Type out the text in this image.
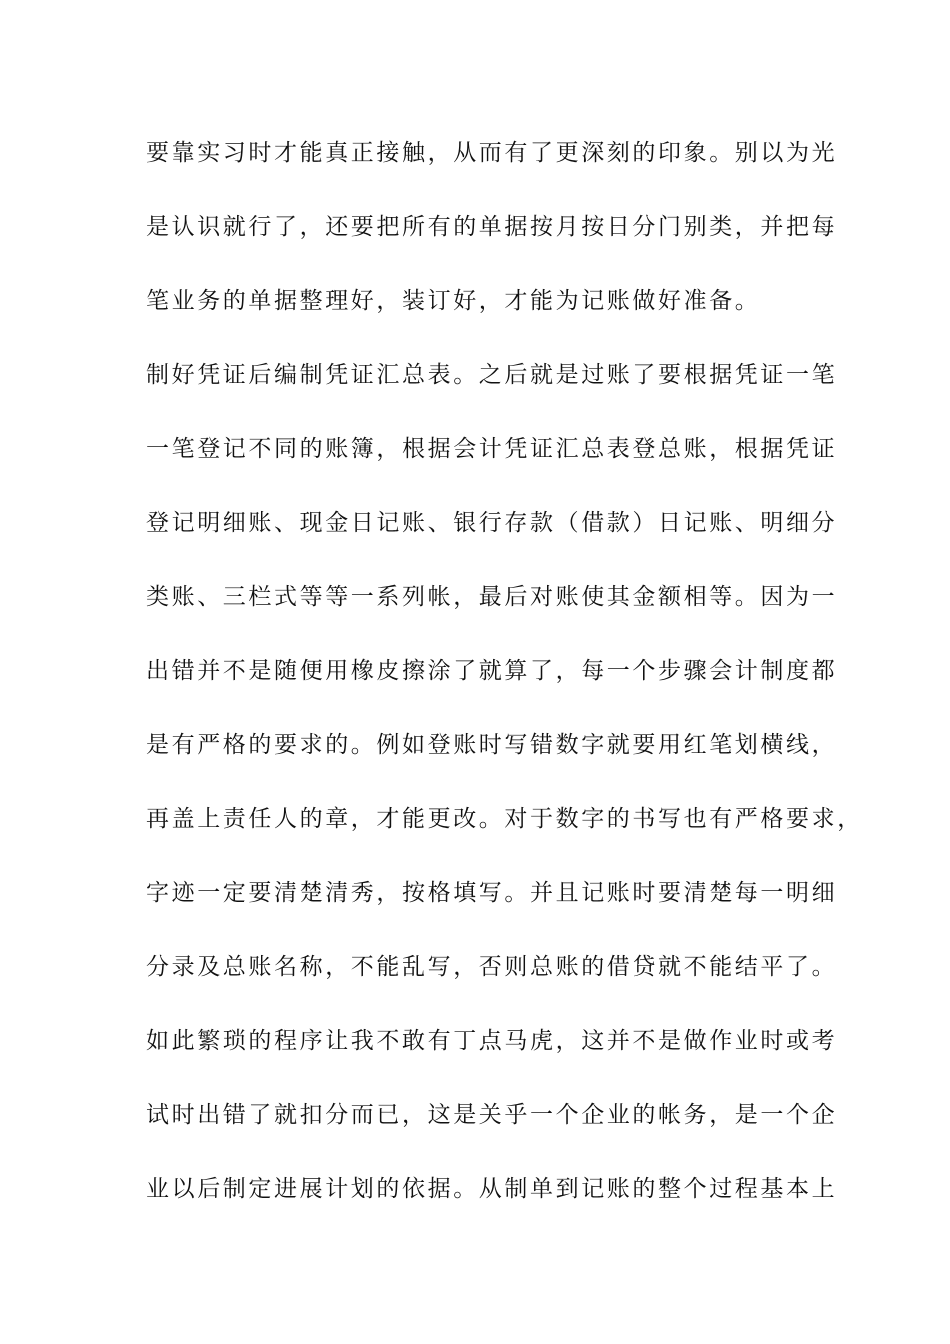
要靠实习时才能真正接触，从而有了更深刻的印象。别以为光
是认识就行了，还要把所有的单据按月按日分门别类，并把每
笔业务的单据整理好，装订好，才能为记账做好准备。
制好凭证后编制凭证汇总表。之后就是过账了要根据凭证一笔
一笔登记不同的账簿，根据会计凭证汇总表登总账，根据凭证
登记明细账、现金日记账、银行存款（借款）日记账、明细分
类账、三栏式等等一系列帐，最后对账使其金额相等。因为一
出错并不是随便用橡皮擦涂了就算了，每一个步骤会计制度都
是有严格的要求的。例如登账时写错数字就要用红笔划横线，
再盖上责任人的章，才能更改。对于数字的书写也有严格要求，
字迹一定要清楚清秀，按格填写。并且记账时要清楚每一明细
分录及总账名称，不能乱写，否则总账的借贷就不能结平了。
如此繁琐的程序让我不敢有丁点马虎，这并不是做作业时或考
试时出错了就扣分而已，这是关乎一个企业的帐务，是一个企
业以后制定进展计划的依据。从制单到记账的整个过程基本上
